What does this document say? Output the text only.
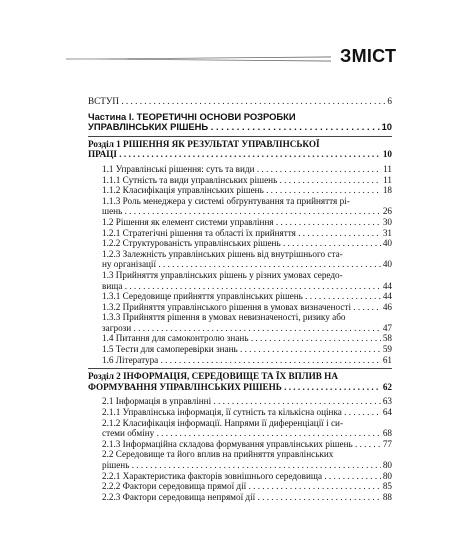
ЗМІСТ
ВСТУП . . .	6
Частина І. ТЕОРЕТИЧНІ ОСНОВИ РОЗРОБКИ
УПРАВЛІНСЬКИХ РІШЕНЬ . . .	10
Розділ 1 РІШЕННЯ ЯК РЕЗУЛЬТАТ УПРАВЛІНСЬКОЇ
ПРАЦІ . . .	10
1.1 Управлінські рішення: суть та види . . .	11
1.1.1 Сутність та види управлінських рішень . . .	11
1.1.2 Класифікація управлінських рішень . . .	18
1.1.3 Роль менеджера у системі обґрунтування та прийняття рі-
шень . . .	26
1.2 Рішення як елемент системи управління . . .	30
1.2.1 Стратегічні рішення та області їх прийняття . . .	31
1.2.2 Структурованість управлінських рішень . . .	40
1.2.3 Залежність управлінських рішень від внутрішнього ста-
ну організації . . .	40
1.3 Прийняття управлінських рішень у різних умовах середо-
вища . . .	44
1.3.1 Середовище прийняття управлінських рішень . . .	44
1.3.2 Прийняття управлінського рішення в умовах визначеності . . .	46
1.3.3 Прийняття рішення в умовах невизначеності, ризику або
загрози . . .	47
1.4 Питання для самоконтролю знань . . .	58
1.5 Тести для самоперевірки знань . . .	59
1.6 Література . . .	61
Розділ 2 ІНФОРМАЦІЯ, СЕРЕДОВИЩЕ ТА ЇХ ВПЛИВ НА
ФОРМУВАННЯ УПРАВЛІНСЬКИХ РІШЕНЬ . . .	62
2.1 Інформація в управлінні . . .	63
2.1.1 Управлінська інформація, її сутність та кількісна оцінка . . .	64
2.1.2 Класифікація інформації. Напрями її диференціації і си-
стеми обміну . . .	68
2.1.3 Інформаційна складова формування управлінських рішень . . .	77
2.2 Середовище та його вплив на прийняття управлінських
рішень . . .	80
2.2.1 Характеристика факторів зовнішнього середовища . . .	80
2.2.2 Фактори середовища прямої дії . . .	85
2.2.3 Фактори середовища непрямої дії . . .	88
